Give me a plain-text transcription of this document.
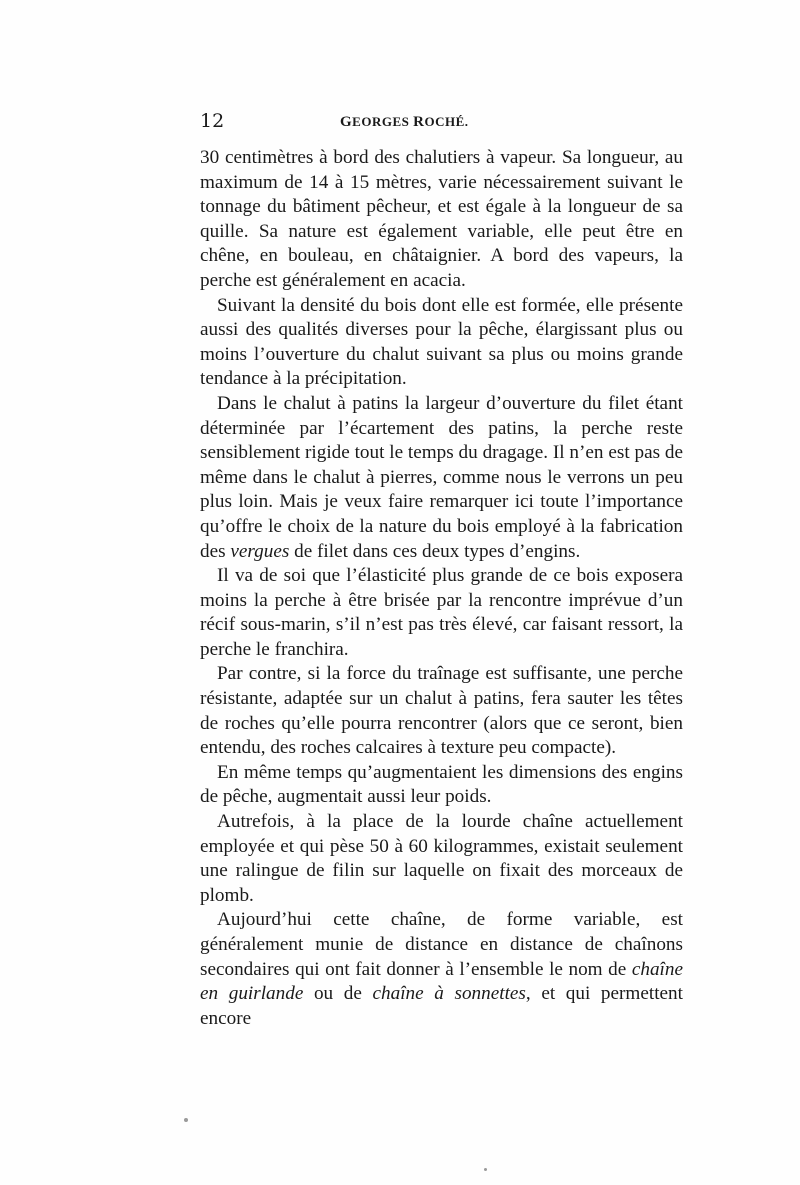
12	GEORGES ROCHÉ.

30 centimètres à bord des chalutiers à vapeur. Sa longueur, au maximum de 14 à 15 mètres, varie nécessairement suivant le tonnage du bâtiment pêcheur, et est égale à la longueur de sa quille. Sa nature est également variable, elle peut être en chêne, en bouleau, en châtaignier. A bord des vapeurs, la perche est généralement en acacia.

Suivant la densité du bois dont elle est formée, elle présente aussi des qualités diverses pour la pêche, élargissant plus ou moins l’ouverture du chalut suivant sa plus ou moins grande tendance à la précipitation.

Dans le chalut à patins la largeur d’ouverture du filet étant déterminée par l’écartement des patins, la perche reste sensiblement rigide tout le temps du dragage. Il n’en est pas de même dans le chalut à pierres, comme nous le verrons un peu plus loin. Mais je veux faire remarquer ici toute l’importance qu’offre le choix de la nature du bois employé à la fabrication des vergues de filet dans ces deux types d’engins.

Il va de soi que l’élasticité plus grande de ce bois exposera moins la perche à être brisée par la rencontre imprévue d’un récif sous-marin, s’il n’est pas très élevé, car faisant ressort, la perche le franchira.

Par contre, si la force du traînage est suffisante, une perche résistante, adaptée sur un chalut à patins, fera sauter les têtes de roches qu’elle pourra rencontrer (alors que ce seront, bien entendu, des roches calcaires à texture peu compacte).

En même temps qu’augmentaient les dimensions des engins de pêche, augmentait aussi leur poids.

Autrefois, à la place de la lourde chaîne actuellement employée et qui pèse 50 à 60 kilogrammes, existait seulement une ralingue de filin sur laquelle on fixait des morceaux de plomb.

Aujourd’hui cette chaîne, de forme variable, est généralement munie de distance en distance de chaînons secondaires qui ont fait donner à l’ensemble le nom de chaîne en guirlande ou de chaîne à sonnettes, et qui permettent encore
